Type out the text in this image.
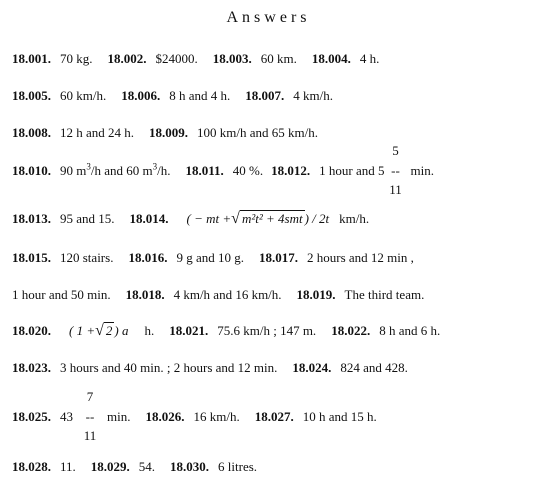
Answers
18.001. 70 kg. 18.002. $24000. 18.003. 60 km. 18.004. 4 h.
18.005. 60 km/h. 18.006. 8 h and 4 h. 18.007. 4 km/h.
18.008. 12 h and 24 h. 18.009. 100 km/h and 65 km/h.
18.010. 90 $m^3/h$ and 60 $m^3/h$. 18.011. 40 %. 18.012. 1 hour and 5
5
--
11
min.
18.013. 95 and 15. 18.014. ( − mt +√ m²t² + 4smt) / 2t km/h.
18.015. 120 stairs. 18.016. 9 g and 10 g. 18.017. 2 hours and 12 min ,
1 hour and 50 min. 18.018. 4 km/h and 16 km/h. 18.019. The third team.
18.020. ( 1 +√ 2) a h. 18.021. 75.6 km/h ; 147 m. 18.022. 8 h and 6 h.
18.023. 3 hours and 40 min. ; 2 hours and 12 min. 18.024. 824 and 428.
18.025. 43
7
--
11
min. 18.026. 16 km/h. 18.027. 10 h and 15 h.
18.028. 11. 18.029. 54. 18.030. 6 litres.
